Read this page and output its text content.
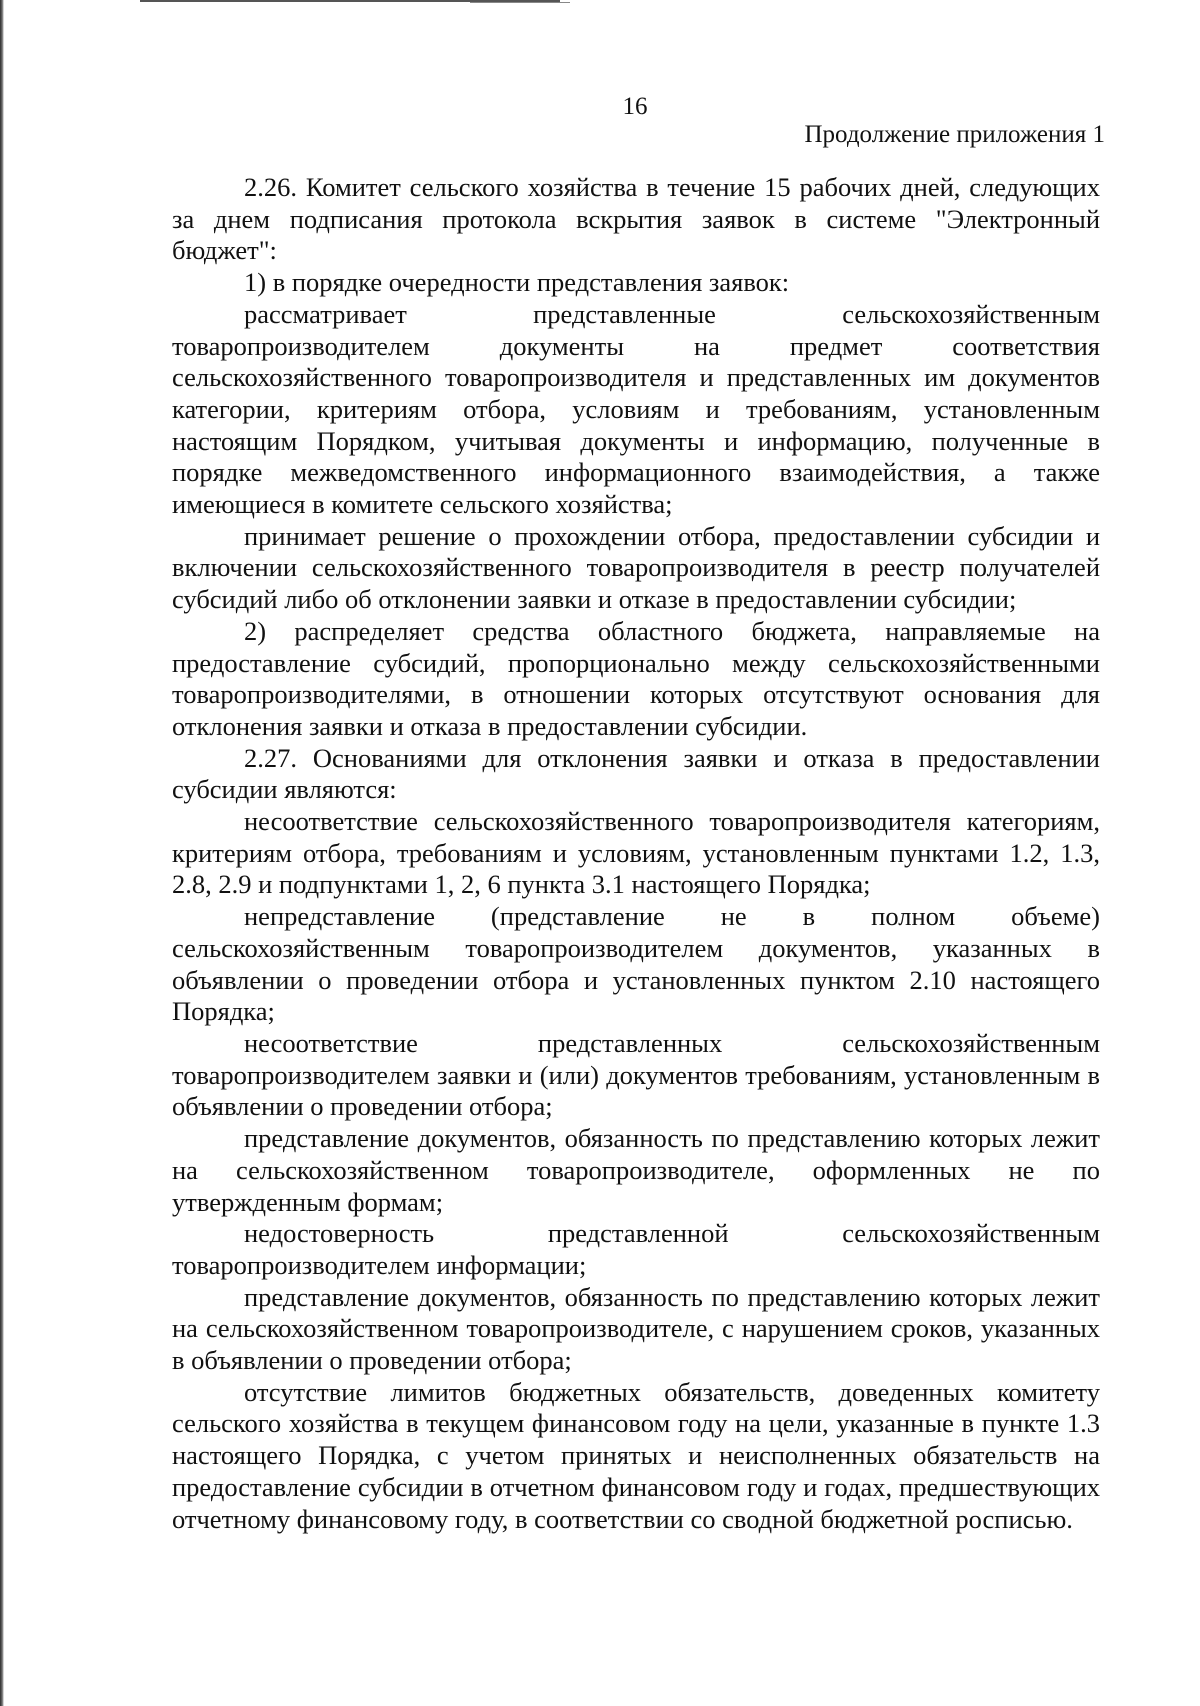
16
Продолжение приложения 1

2.26. Комитет сельского хозяйства в течение 15 рабочих дней, следующих за днем подписания протокола вскрытия заявок в системе "Электронный бюджет":

1) в порядке очередности представления заявок:

рассматривает представленные сельскохозяйственным товаропроизводителем документы на предмет соответствия сельскохозяйственного товаропроизводителя и представленных им документов категории, критериям отбора, условиям и требованиям, установленным настоящим Порядком, учитывая документы и информацию, полученные в порядке межведомственного информационного взаимодействия, а также имеющиеся в комитете сельского хозяйства;

принимает решение о прохождении отбора, предоставлении субсидии и включении сельскохозяйственного товаропроизводителя в реестр получателей субсидий либо об отклонении заявки и отказе в предоставлении субсидии;

2) распределяет средства областного бюджета, направляемые на предоставление субсидий, пропорционально между сельскохозяйственными товаропроизводителями, в отношении которых отсутствуют основания для отклонения заявки и отказа в предоставлении субсидии.

2.27. Основаниями для отклонения заявки и отказа в предоставлении субсидии являются:

несоответствие сельскохозяйственного товаропроизводителя категориям, критериям отбора, требованиям и условиям, установленным пунктами 1.2, 1.3, 2.8, 2.9 и подпунктами 1, 2, 6 пункта 3.1 настоящего Порядка;

непредставление (представление не в полном объеме) сельскохозяйственным товаропроизводителем документов, указанных в объявлении о проведении отбора и установленных пунктом 2.10 настоящего Порядка;

несоответствие представленных сельскохозяйственным товаропроизводителем заявки и (или) документов требованиям, установленным в объявлении о проведении отбора;

представление документов, обязанность по представлению которых лежит на сельскохозяйственном товаропроизводителе, оформленных не по утвержденным формам;

недостоверность представленной сельскохозяйственным товаропроизводителем информации;

представление документов, обязанность по представлению которых лежит на сельскохозяйственном товаропроизводителе, с нарушением сроков, указанных в объявлении о проведении отбора;

отсутствие лимитов бюджетных обязательств, доведенных комитету сельского хозяйства в текущем финансовом году на цели, указанные в пункте 1.3 настоящего Порядка, с учетом принятых и неисполненных обязательств на предоставление субсидии в отчетном финансовом году и годах, предшествующих отчетному финансовому году, в соответствии со сводной бюджетной росписью.
